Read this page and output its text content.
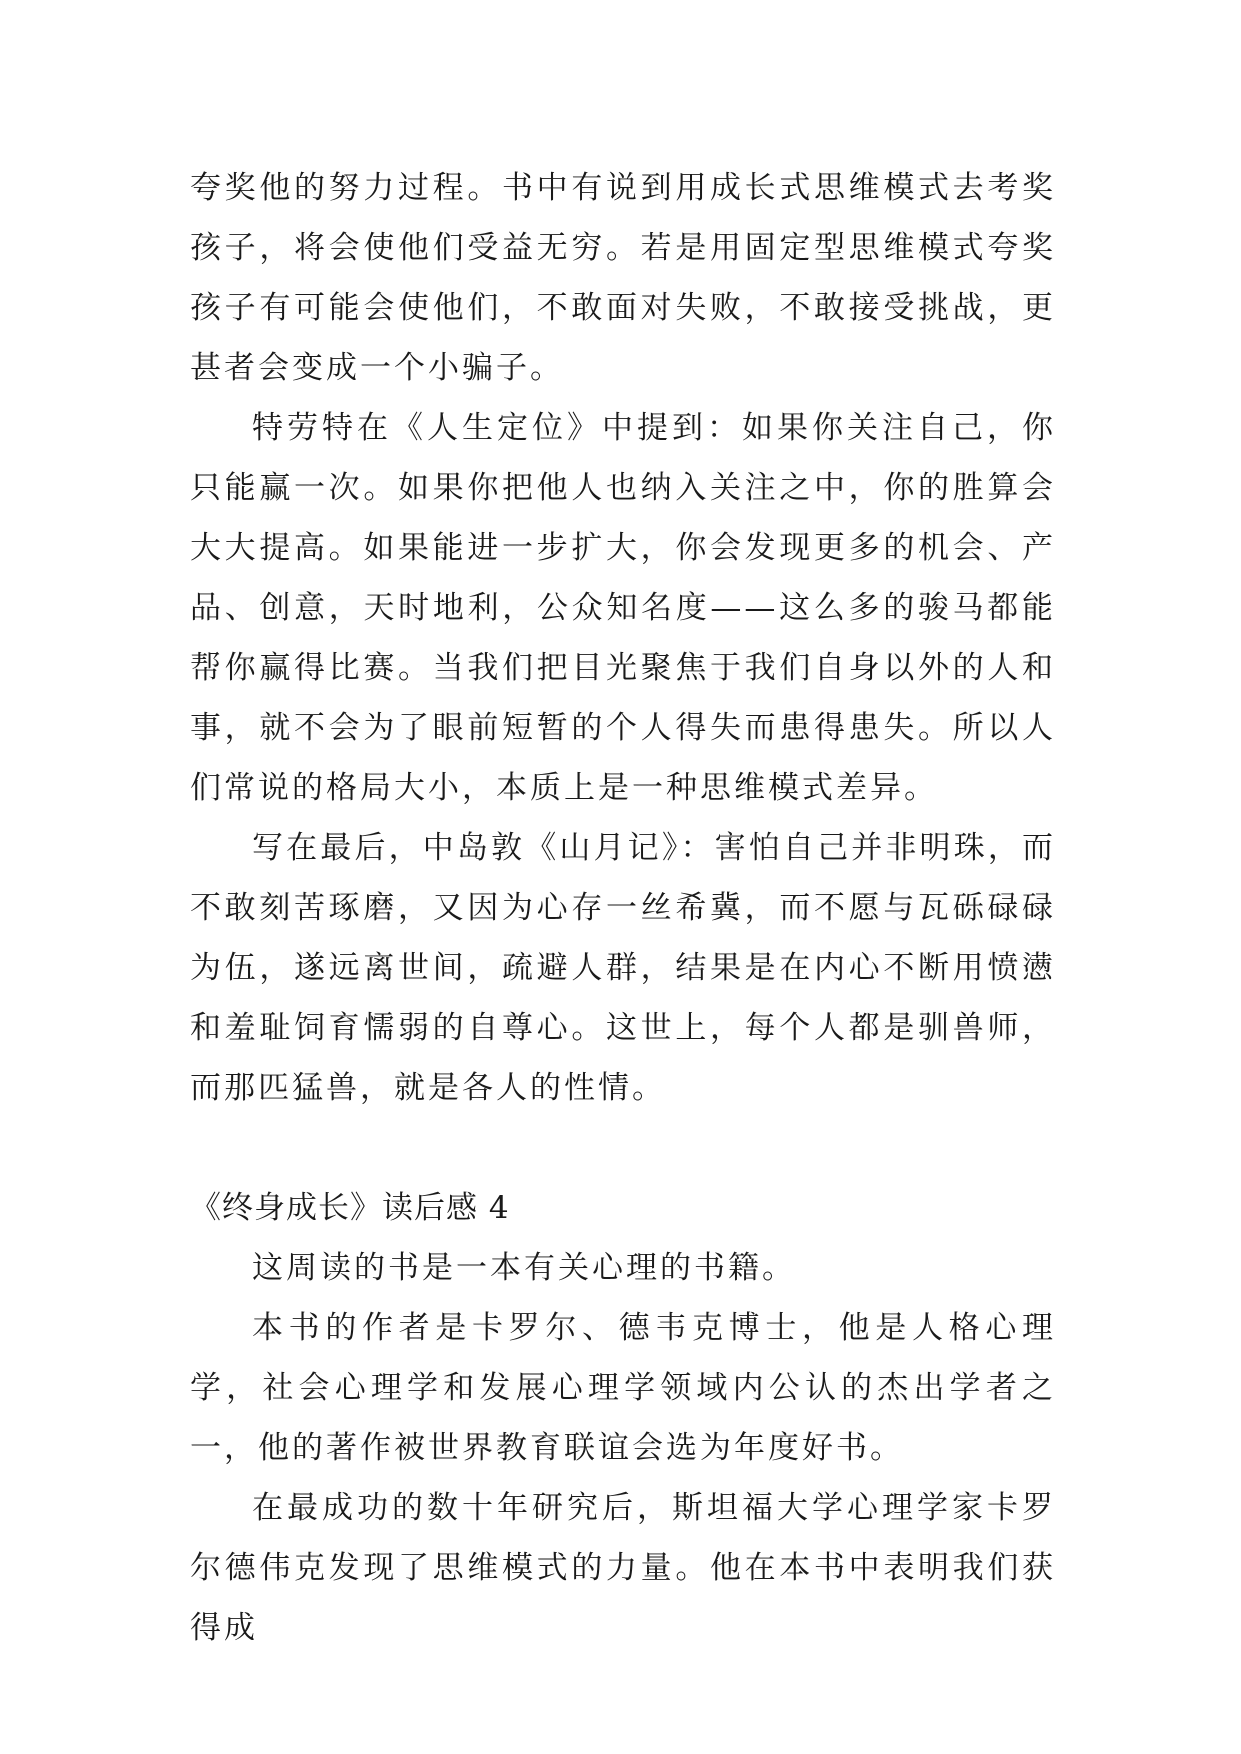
夸奖他的努力过程。书中有说到用成长式思维模式去考奖孩子，将会使他们受益无穷。若是用固定型思维模式夸奖孩子有可能会使他们，不敢面对失败，不敢接受挑战，更甚者会变成一个小骗子。

特劳特在《人生定位》中提到：如果你关注自己，你只能赢一次。如果你把他人也纳入关注之中，你的胜算会大大提高。如果能进一步扩大，你会发现更多的机会、产品、创意，天时地利，公众知名度——这么多的骏马都能帮你赢得比赛。当我们把目光聚焦于我们自身以外的人和事，就不会为了眼前短暂的个人得失而患得患失。所以人们常说的格局大小，本质上是一种思维模式差异。

写在最后，中岛敦《山月记》：害怕自己并非明珠，而不敢刻苦琢磨，又因为心存一丝希冀，而不愿与瓦砾碌碌为伍，遂远离世间，疏避人群，结果是在内心不断用愤懑和羞耻饲育懦弱的自尊心。这世上，每个人都是驯兽师，而那匹猛兽，就是各人的性情。

《终身成长》读后感 4

这周读的书是一本有关心理的书籍。

本书的作者是卡罗尔、德韦克博士，他是人格心理学，社会心理学和发展心理学领域内公认的杰出学者之一，他的著作被世界教育联谊会选为年度好书。

在最成功的数十年研究后，斯坦福大学心理学家卡罗尔德伟克发现了思维模式的力量。他在本书中表明我们获得成
